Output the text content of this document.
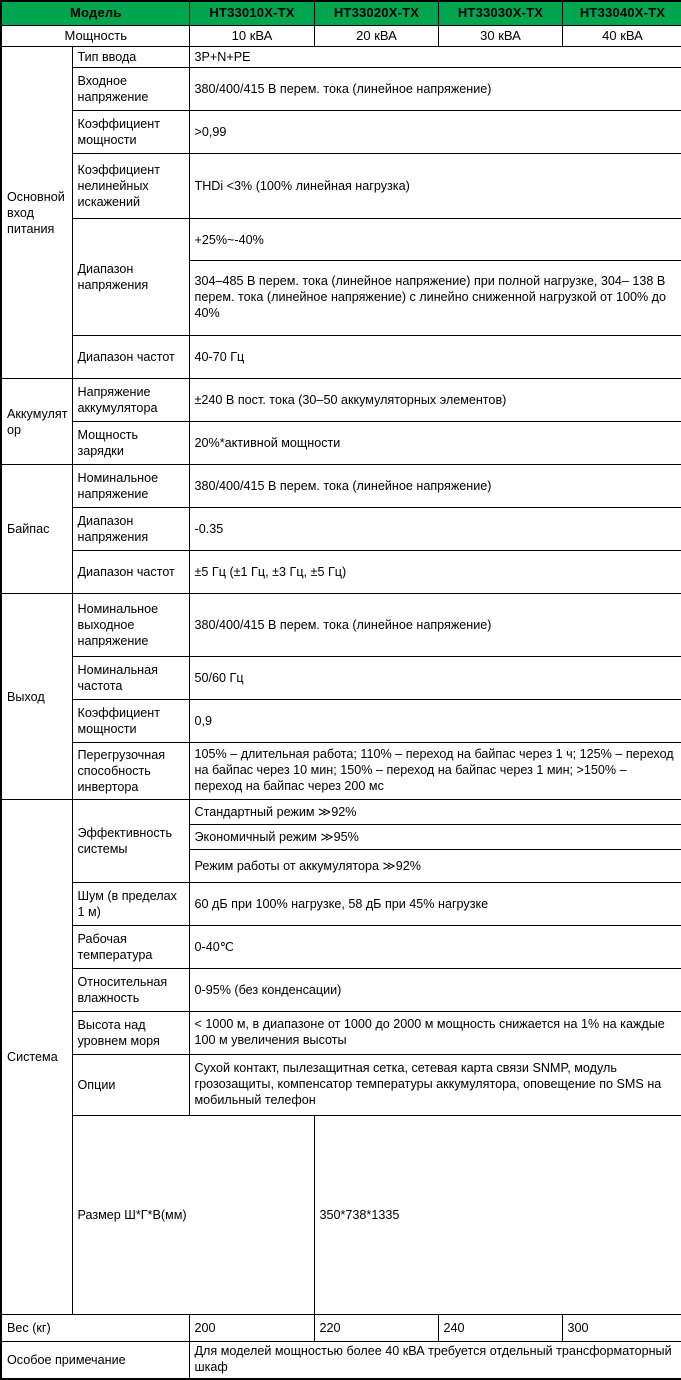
Модель		HT33010X-TX	HT33020X-TX	HT33030X-TX	HT33040X-TX	
Мощность		10 кВА	20 кВА	30 кВА	40 кВА	
Основной вход питания	Тип ввода	3P+N+PE				
	Входное напряжение	380/400/415 В перем. тока (линейное напряжение)				
	Коэффициент мощности	>0,99				
	Коэффициент нелинейных искажений	THDi <3% (100% линейная нагрузка)				
	Диапазон напряжения	+25%~-40%				
		304–485 В перем. тока (линейное напряжение) при полной нагрузке, 304– 138 В перем. тока (линейное напряжение) с линейно сниженной нагрузкой от 100% до 40%				
	Диапазон частот	40-70 Гц				
Аккумулятор	Напряжение аккумулятора	±240 В пост. тока (30–50 аккумуляторных элементов)				
	Мощность зарядки	20%*активной мощности				
Байпас	Номинальное напряжение	380/400/415 В перем. тока (линейное напряжение)				
	Диапазон напряжения	-0.35				
	Диапазон частот	±5 Гц (±1 Гц, ±3 Гц, ±5 Гц)				
Выход	Номинальное выходное напряжение	380/400/415 В перем. тока (линейное напряжение)				
	Номинальная частота	50/60 Гц				
	Коэффициент мощности	0,9				
	Перегрузочная способность инвертора	105% – длительная работа; 110% – переход на байпас через 1 ч; 125% – переход на байпас через 10 мин; 150% – переход на байпас через 1 мин; >150% – переход на байпас через 200 мс				
Система	Эффективность системы	Стандартный режим ≫92%				
		Экономичный режим ≫95%				
		Режим работы от аккумулятора ≫92%				
	Шум (в пределах 1 м)	60 дБ при 100% нагрузке, 58 дБ при 45% нагрузке				
	Рабочая температура	0-40℃				
	Относительная влажность	0-95% (без конденсации)				
	Высота над уровнем моря	< 1000 м, в диапазоне от 1000 до 2000 м мощность снижается на 1% на каждые 100 м увеличения высоты				
	Опции	Сухой контакт, пылезащитная сетка, сетевая карта связи SNMP, модуль грозозащиты, компенсатор температуры аккумулятора, оповещение по SMS на мобильный телефон				
	Размер Ш*Г*В(мм)		350*738*1335	
Вес (кг)		200	220	240	300	
Особое примечание		Для моделей мощностью более 40 кВА требуется отдельный трансформаторный шкаф				
